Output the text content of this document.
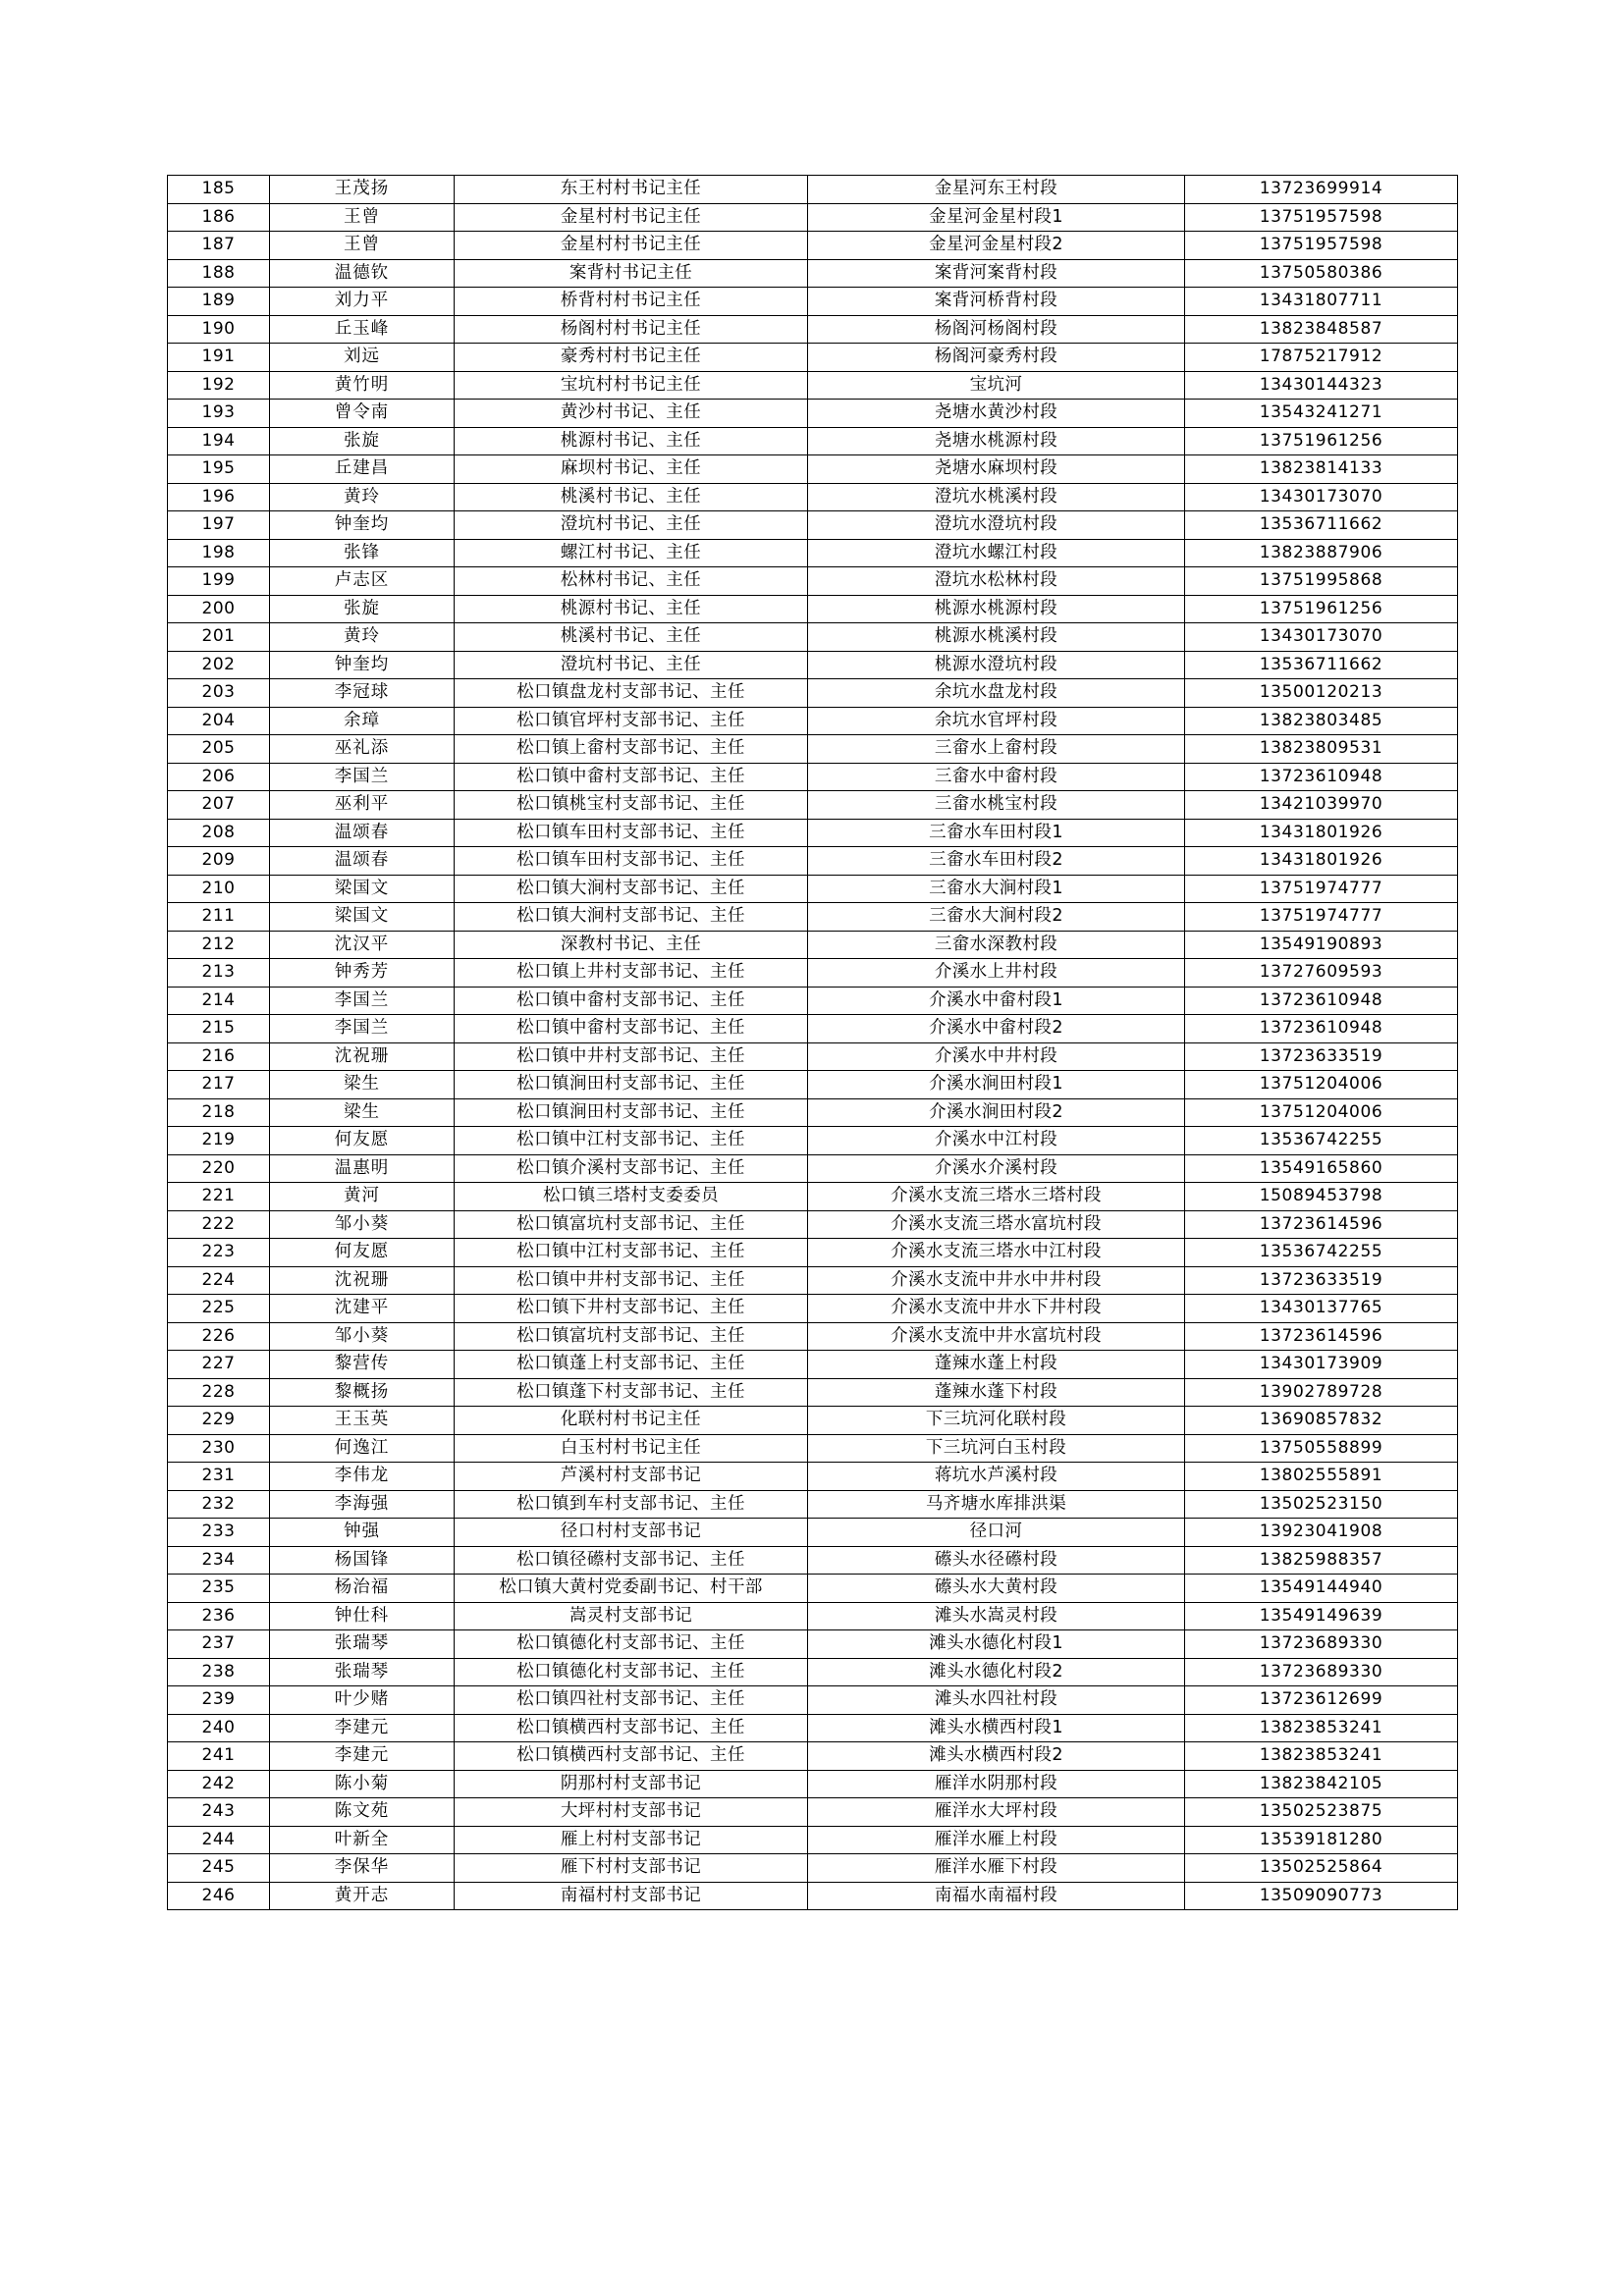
185	王茂扬	东王村村书记主任	金星河东王村段	13723699914
186	王曾	金星村村书记主任	金星河金星村段1	13751957598
187	王曾	金星村村书记主任	金星河金星村段2	13751957598
188	温德钦	案背村书记主任	案背河案背村段	13750580386
189	刘力平	桥背村村书记主任	案背河桥背村段	13431807711
190	丘玉峰	杨阁村村书记主任	杨阁河杨阁村段	13823848587
191	刘远	豪秀村村书记主任	杨阁河豪秀村段	17875217912
192	黄竹明	宝坑村村书记主任	宝坑河	13430144323
193	曾令南	黄沙村书记、主任	尧塘水黄沙村段	13543241271
194	张旋	桃源村书记、主任	尧塘水桃源村段	13751961256
195	丘建昌	麻坝村书记、主任	尧塘水麻坝村段	13823814133
196	黄玲	桃溪村书记、主任	澄坑水桃溪村段	13430173070
197	钟奎均	澄坑村书记、主任	澄坑水澄坑村段	13536711662
198	张锋	螺江村书记、主任	澄坑水螺江村段	13823887906
199	卢志区	松林村书记、主任	澄坑水松林村段	13751995868
200	张旋	桃源村书记、主任	桃源水桃源村段	13751961256
201	黄玲	桃溪村书记、主任	桃源水桃溪村段	13430173070
202	钟奎均	澄坑村书记、主任	桃源水澄坑村段	13536711662
203	李冠球	松口镇盘龙村支部书记、主任	余坑水盘龙村段	13500120213
204	余璋	松口镇官坪村支部书记、主任	余坑水官坪村段	13823803485
205	巫礼添	松口镇上畲村支部书记、主任	三畲水上畲村段	13823809531
206	李国兰	松口镇中畲村支部书记、主任	三畲水中畲村段	13723610948
207	巫利平	松口镇桃宝村支部书记、主任	三畲水桃宝村段	13421039970
208	温颂春	松口镇车田村支部书记、主任	三畲水车田村段1	13431801926
209	温颂春	松口镇车田村支部书记、主任	三畲水车田村段2	13431801926
210	梁国文	松口镇大涧村支部书记、主任	三畲水大涧村段1	13751974777
211	梁国文	松口镇大涧村支部书记、主任	三畲水大涧村段2	13751974777
212	沈汉平	深教村书记、主任	三畲水深教村段	13549190893
213	钟秀芳	松口镇上井村支部书记、主任	介溪水上井村段	13727609593
214	李国兰	松口镇中畲村支部书记、主任	介溪水中畲村段1	13723610948
215	李国兰	松口镇中畲村支部书记、主任	介溪水中畲村段2	13723610948
216	沈祝珊	松口镇中井村支部书记、主任	介溪水中井村段	13723633519
217	梁生	松口镇涧田村支部书记、主任	介溪水涧田村段1	13751204006
218	梁生	松口镇涧田村支部书记、主任	介溪水涧田村段2	13751204006
219	何友愿	松口镇中江村支部书记、主任	介溪水中江村段	13536742255
220	温惠明	松口镇介溪村支部书记、主任	介溪水介溪村段	13549165860
221	黄河	松口镇三塔村支委委员	介溪水支流三塔水三塔村段	15089453798
222	邹小葵	松口镇富坑村支部书记、主任	介溪水支流三塔水富坑村段	13723614596
223	何友愿	松口镇中江村支部书记、主任	介溪水支流三塔水中江村段	13536742255
224	沈祝珊	松口镇中井村支部书记、主任	介溪水支流中井水中井村段	13723633519
225	沈建平	松口镇下井村支部书记、主任	介溪水支流中井水下井村段	13430137765
226	邹小葵	松口镇富坑村支部书记、主任	介溪水支流中井水富坑村段	13723614596
227	黎营传	松口镇蓬上村支部书记、主任	蓬辣水蓬上村段	13430173909
228	黎概扬	松口镇蓬下村支部书记、主任	蓬辣水蓬下村段	13902789728
229	王玉英	化联村村书记主任	下三坑河化联村段	13690857832
230	何逸江	白玉村村书记主任	下三坑河白玉村段	13750558899
231	李伟龙	芦溪村村支部书记	蒋坑水芦溪村段	13802555891
232	李海强	松口镇到车村支部书记、主任	马齐塘水库排洪渠	13502523150
233	钟强	径口村村支部书记	径口河	13923041908
234	杨国锋	松口镇径礤村支部书记、主任	礤头水径礤村段	13825988357
235	杨治福	松口镇大黄村党委副书记、村干部	礤头水大黄村段	13549144940
236	钟仕科	嵩灵村支部书记	滩头水嵩灵村段	13549149639
237	张瑞琴	松口镇德化村支部书记、主任	滩头水德化村段1	13723689330
238	张瑞琴	松口镇德化村支部书记、主任	滩头水德化村段2	13723689330
239	叶少赌	松口镇四社村支部书记、主任	滩头水四社村段	13723612699
240	李建元	松口镇横西村支部书记、主任	滩头水横西村段1	13823853241
241	李建元	松口镇横西村支部书记、主任	滩头水横西村段2	13823853241
242	陈小菊	阴那村村支部书记	雁洋水阴那村段	13823842105
243	陈文苑	大坪村村支部书记	雁洋水大坪村段	13502523875
244	叶新全	雁上村村支部书记	雁洋水雁上村段	13539181280
245	李保华	雁下村村支部书记	雁洋水雁下村段	13502525864
246	黄开志	南福村村支部书记	南福水南福村段	13509090773
